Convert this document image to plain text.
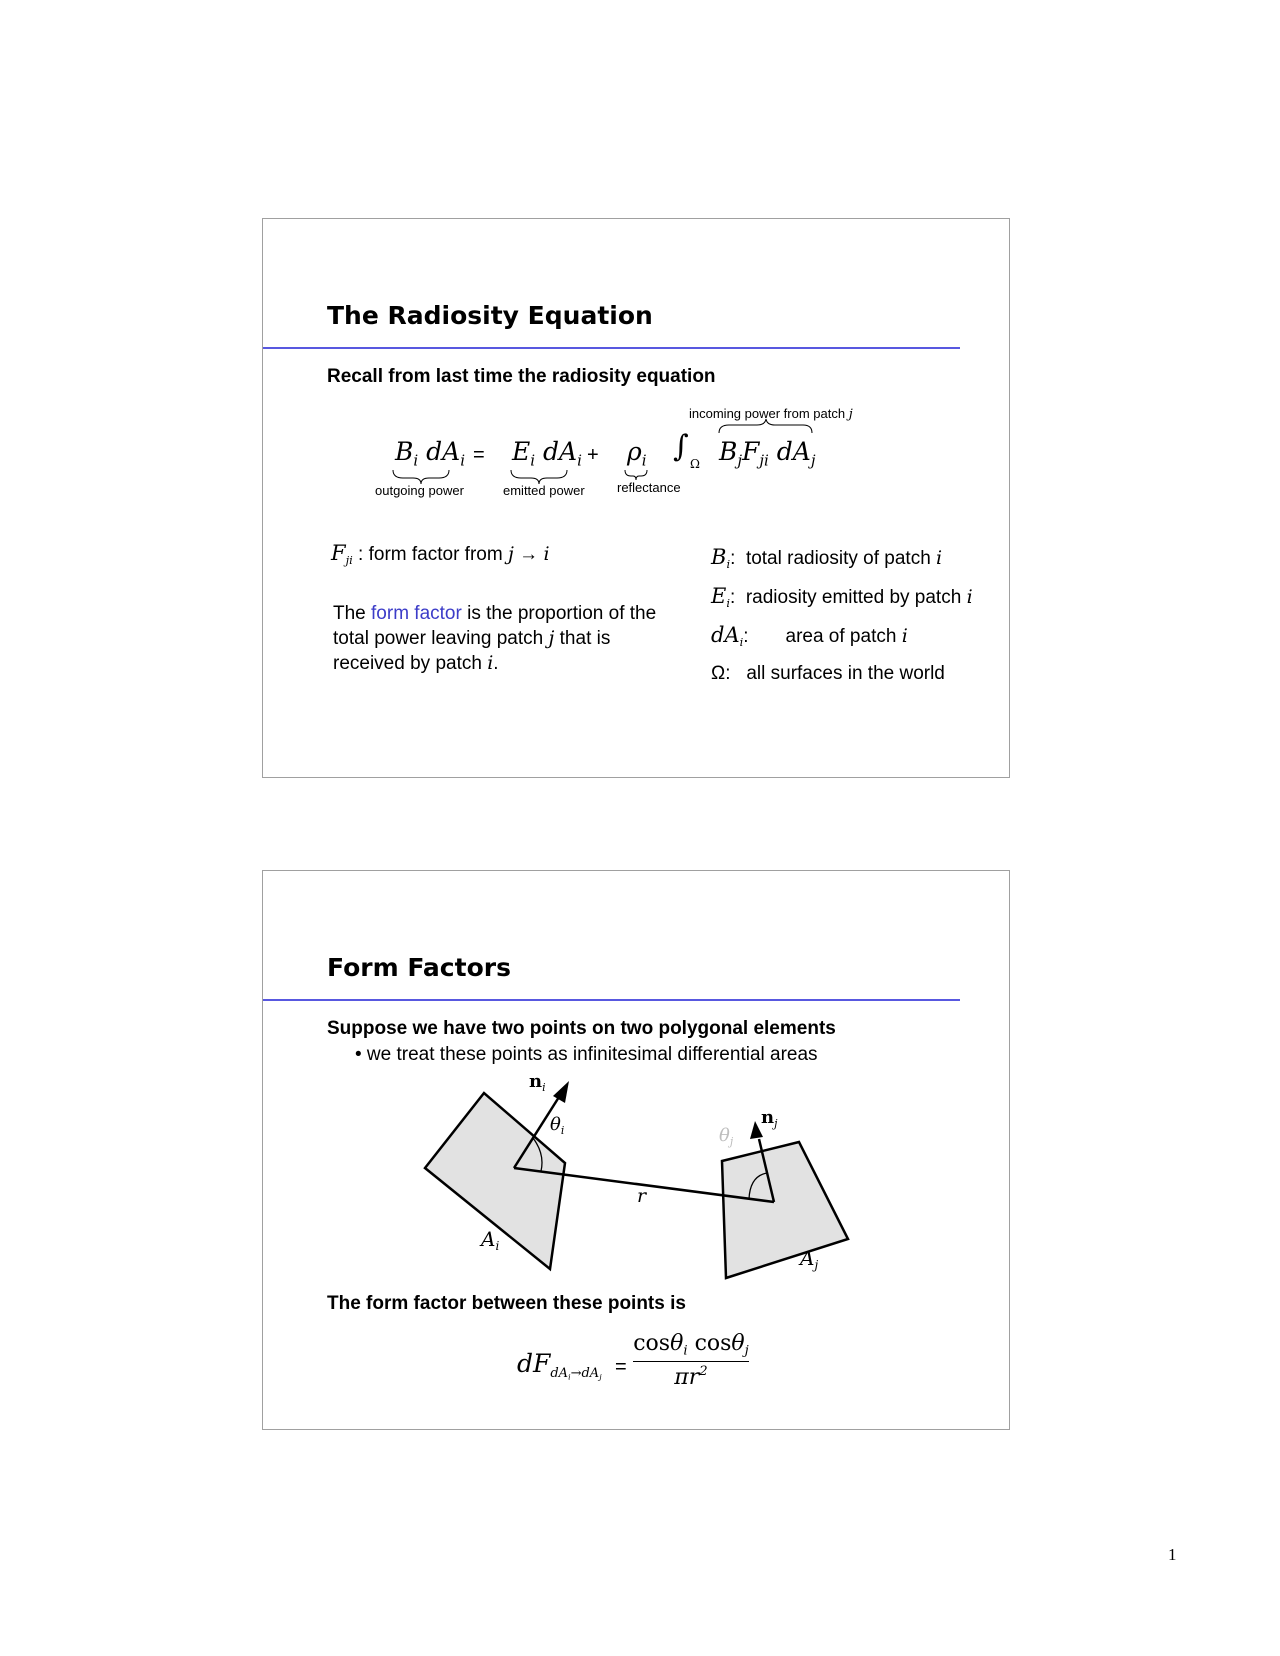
The Radiosity Equation
Recall from last time the radiosity equation
incoming power from patch j
$B_i$ $dA_i = E_i$ $dA_i + \rho_i$ ∫ Ω $B_jF_{ji}$ $dA_j$
outgoing power	emitted power reflectance
$F_{ji}$ : form factor from j → i
The form factor is the proportion of the total power leaving patch j that is received by patch i.
$B_i$: total radiosity of patch i
$E_i$: radiosity emitted by patch i
$dA_i$: area of patch i
Ω: all surfaces in the world
Form Factors
Suppose we have two points on two polygonal elements
• we treat these points as infinitesimal differential areas
$n_i$
$n_j$
$\theta_i$	$\theta_j$
r
$A_i$	$A_j$
The form factor between these points is
$dF_{dA_i\to dA_j} = \frac{\cos\theta_i \cos\theta_j}{\pi r^2}$
1
